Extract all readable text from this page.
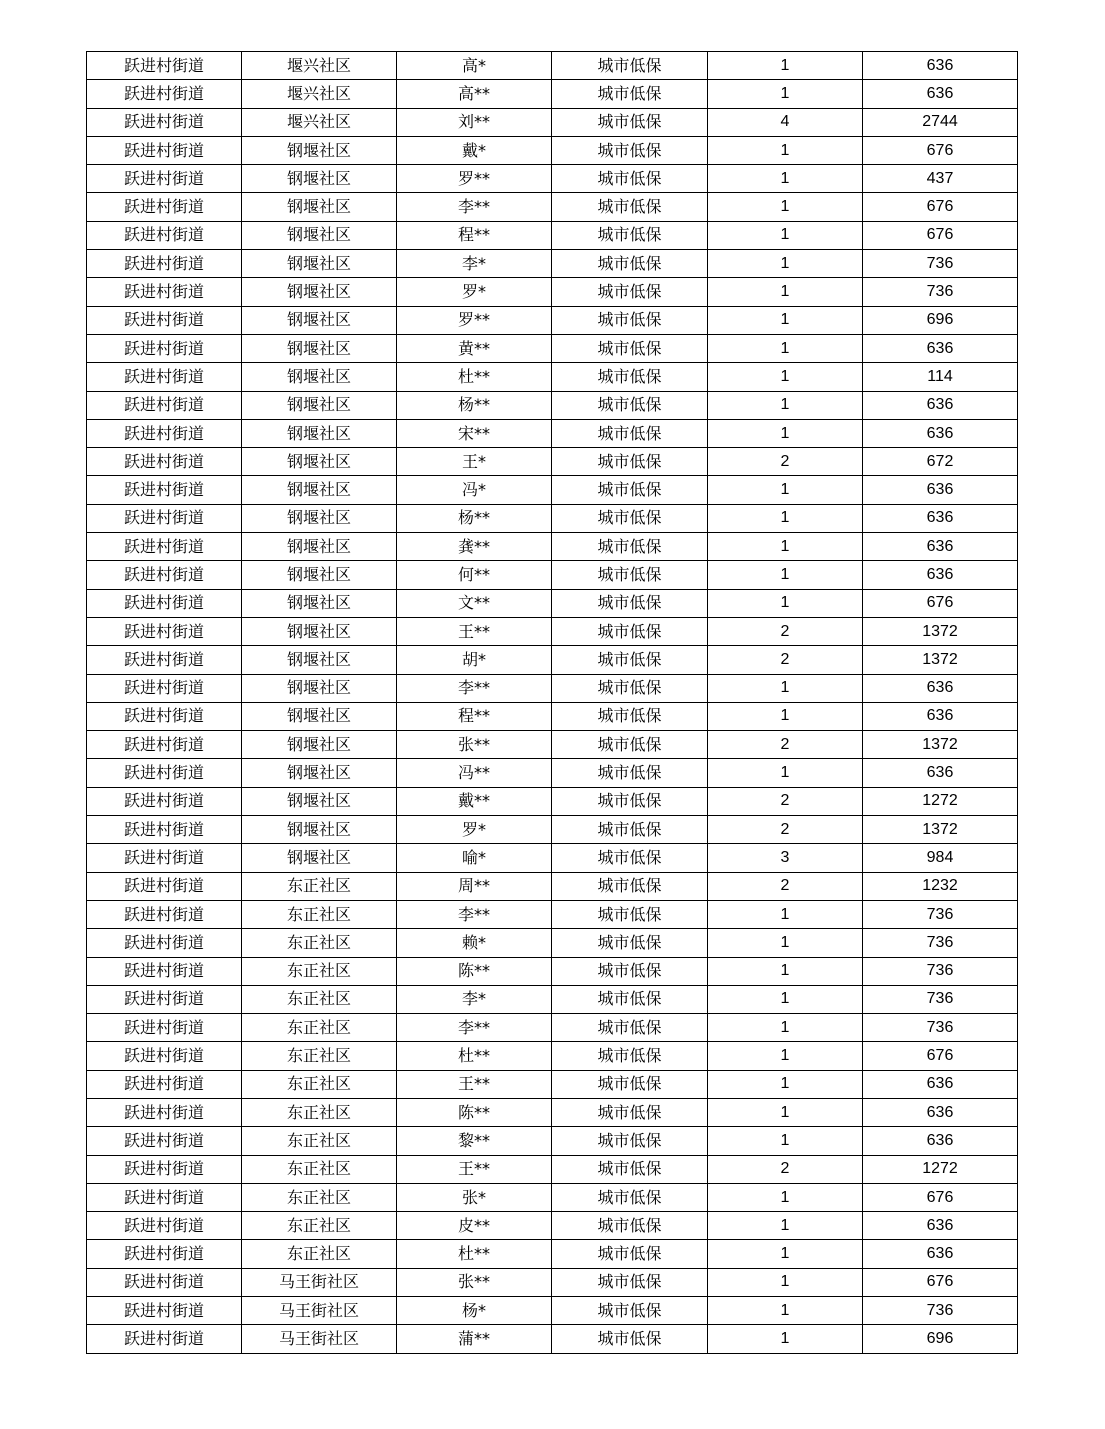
跃进村街道	堰兴社区	高*	城市低保	1	636
跃进村街道	堰兴社区	高**	城市低保	1	636
跃进村街道	堰兴社区	刘**	城市低保	4	2744
跃进村街道	钢堰社区	戴*	城市低保	1	676
跃进村街道	钢堰社区	罗**	城市低保	1	437
跃进村街道	钢堰社区	李**	城市低保	1	676
跃进村街道	钢堰社区	程**	城市低保	1	676
跃进村街道	钢堰社区	李*	城市低保	1	736
跃进村街道	钢堰社区	罗*	城市低保	1	736
跃进村街道	钢堰社区	罗**	城市低保	1	696
跃进村街道	钢堰社区	黄**	城市低保	1	636
跃进村街道	钢堰社区	杜**	城市低保	1	114
跃进村街道	钢堰社区	杨**	城市低保	1	636
跃进村街道	钢堰社区	宋**	城市低保	1	636
跃进村街道	钢堰社区	王*	城市低保	2	672
跃进村街道	钢堰社区	冯*	城市低保	1	636
跃进村街道	钢堰社区	杨**	城市低保	1	636
跃进村街道	钢堰社区	龚**	城市低保	1	636
跃进村街道	钢堰社区	何**	城市低保	1	636
跃进村街道	钢堰社区	文**	城市低保	1	676
跃进村街道	钢堰社区	王**	城市低保	2	1372
跃进村街道	钢堰社区	胡*	城市低保	2	1372
跃进村街道	钢堰社区	李**	城市低保	1	636
跃进村街道	钢堰社区	程**	城市低保	1	636
跃进村街道	钢堰社区	张**	城市低保	2	1372
跃进村街道	钢堰社区	冯**	城市低保	1	636
跃进村街道	钢堰社区	戴**	城市低保	2	1272
跃进村街道	钢堰社区	罗*	城市低保	2	1372
跃进村街道	钢堰社区	喻*	城市低保	3	984
跃进村街道	东正社区	周**	城市低保	2	1232
跃进村街道	东正社区	李**	城市低保	1	736
跃进村街道	东正社区	赖*	城市低保	1	736
跃进村街道	东正社区	陈**	城市低保	1	736
跃进村街道	东正社区	李*	城市低保	1	736
跃进村街道	东正社区	李**	城市低保	1	736
跃进村街道	东正社区	杜**	城市低保	1	676
跃进村街道	东正社区	王**	城市低保	1	636
跃进村街道	东正社区	陈**	城市低保	1	636
跃进村街道	东正社区	黎**	城市低保	1	636
跃进村街道	东正社区	王**	城市低保	2	1272
跃进村街道	东正社区	张*	城市低保	1	676
跃进村街道	东正社区	皮**	城市低保	1	636
跃进村街道	东正社区	杜**	城市低保	1	636
跃进村街道	马王街社区	张**	城市低保	1	676
跃进村街道	马王街社区	杨*	城市低保	1	736
跃进村街道	马王街社区	蒲**	城市低保	1	696
